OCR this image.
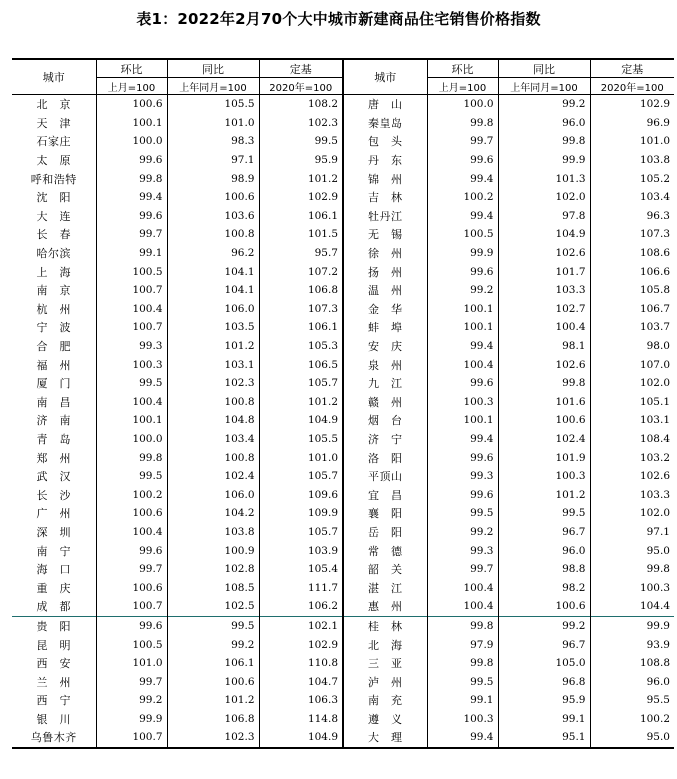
表1：2022年2月70个大中城市新建商品住宅销售价格指数
城市	环比	同比	定基	城市	环比	同比	定基
	上月=100	上年同月=100	2020年=100		上月=100	上年同月=100	2020年=100
北　京	100.6	105.5	108.2	唐　山	100.0	99.2	102.9
天　津	100.1	101.0	102.3	秦皇岛	99.8	96.0	96.9
石家庄	100.0	98.3	99.5	包　头	99.7	99.8	101.0
太　原	99.6	97.1	95.9	丹　东	99.6	99.9	103.8
呼和浩特	99.8	98.9	101.2	锦　州	99.4	101.3	105.2
沈　阳	99.4	100.6	102.9	吉　林	100.2	102.0	103.4
大　连	99.6	103.6	106.1	牡丹江	99.4	97.8	96.3
长　春	99.7	100.8	101.5	无　锡	100.5	104.9	107.3
哈尔滨	99.1	96.2	95.7	徐　州	99.9	102.6	108.6
上　海	100.5	104.1	107.2	扬　州	99.6	101.7	106.6
南　京	100.7	104.1	106.8	温　州	99.2	103.3	105.8
杭　州	100.4	106.0	107.3	金　华	100.1	102.7	106.7
宁　波	100.7	103.5	106.1	蚌　埠	100.1	100.4	103.7
合　肥	99.3	101.2	105.3	安　庆	99.4	98.1	98.0
福　州	100.3	103.1	106.5	泉　州	100.4	102.6	107.0
厦　门	99.5	102.3	105.7	九　江	99.6	99.8	102.0
南　昌	100.4	100.8	101.2	赣　州	100.3	101.6	105.1
济　南	100.1	104.8	104.9	烟　台	100.1	100.6	103.1
青　岛	100.0	103.4	105.5	济　宁	99.4	102.4	108.4
郑　州	99.8	100.8	101.0	洛　阳	99.6	101.9	103.2
武　汉	99.5	102.4	105.7	平顶山	99.3	100.3	102.6
长　沙	100.2	106.0	109.6	宜　昌	99.6	101.2	103.3
广　州	100.6	104.2	109.9	襄　阳	99.5	99.5	102.0
深　圳	100.4	103.8	105.7	岳　阳	99.2	96.7	97.1
南　宁	99.6	100.9	103.9	常　德	99.3	96.0	95.0
海　口	99.7	102.8	105.4	韶　关	99.7	98.8	99.8
重　庆	100.6	108.5	111.7	湛　江	100.4	98.2	100.3
成　都	100.7	102.5	106.2	惠　州	100.4	100.6	104.4
贵　阳	99.6	99.5	102.1	桂　林	99.8	99.2	99.9
昆　明	100.5	99.2	102.9	北　海	97.9	96.7	93.9
西　安	101.0	106.1	110.8	三　亚	99.8	105.0	108.8
兰　州	99.7	100.6	104.7	泸　州	99.5	96.8	96.0
西　宁	99.2	101.2	106.3	南　充	99.1	95.9	95.5
银　川	99.9	106.8	114.8	遵　义	100.3	99.1	100.2
乌鲁木齐	100.7	102.3	104.9	大　理	99.4	95.1	95.0
